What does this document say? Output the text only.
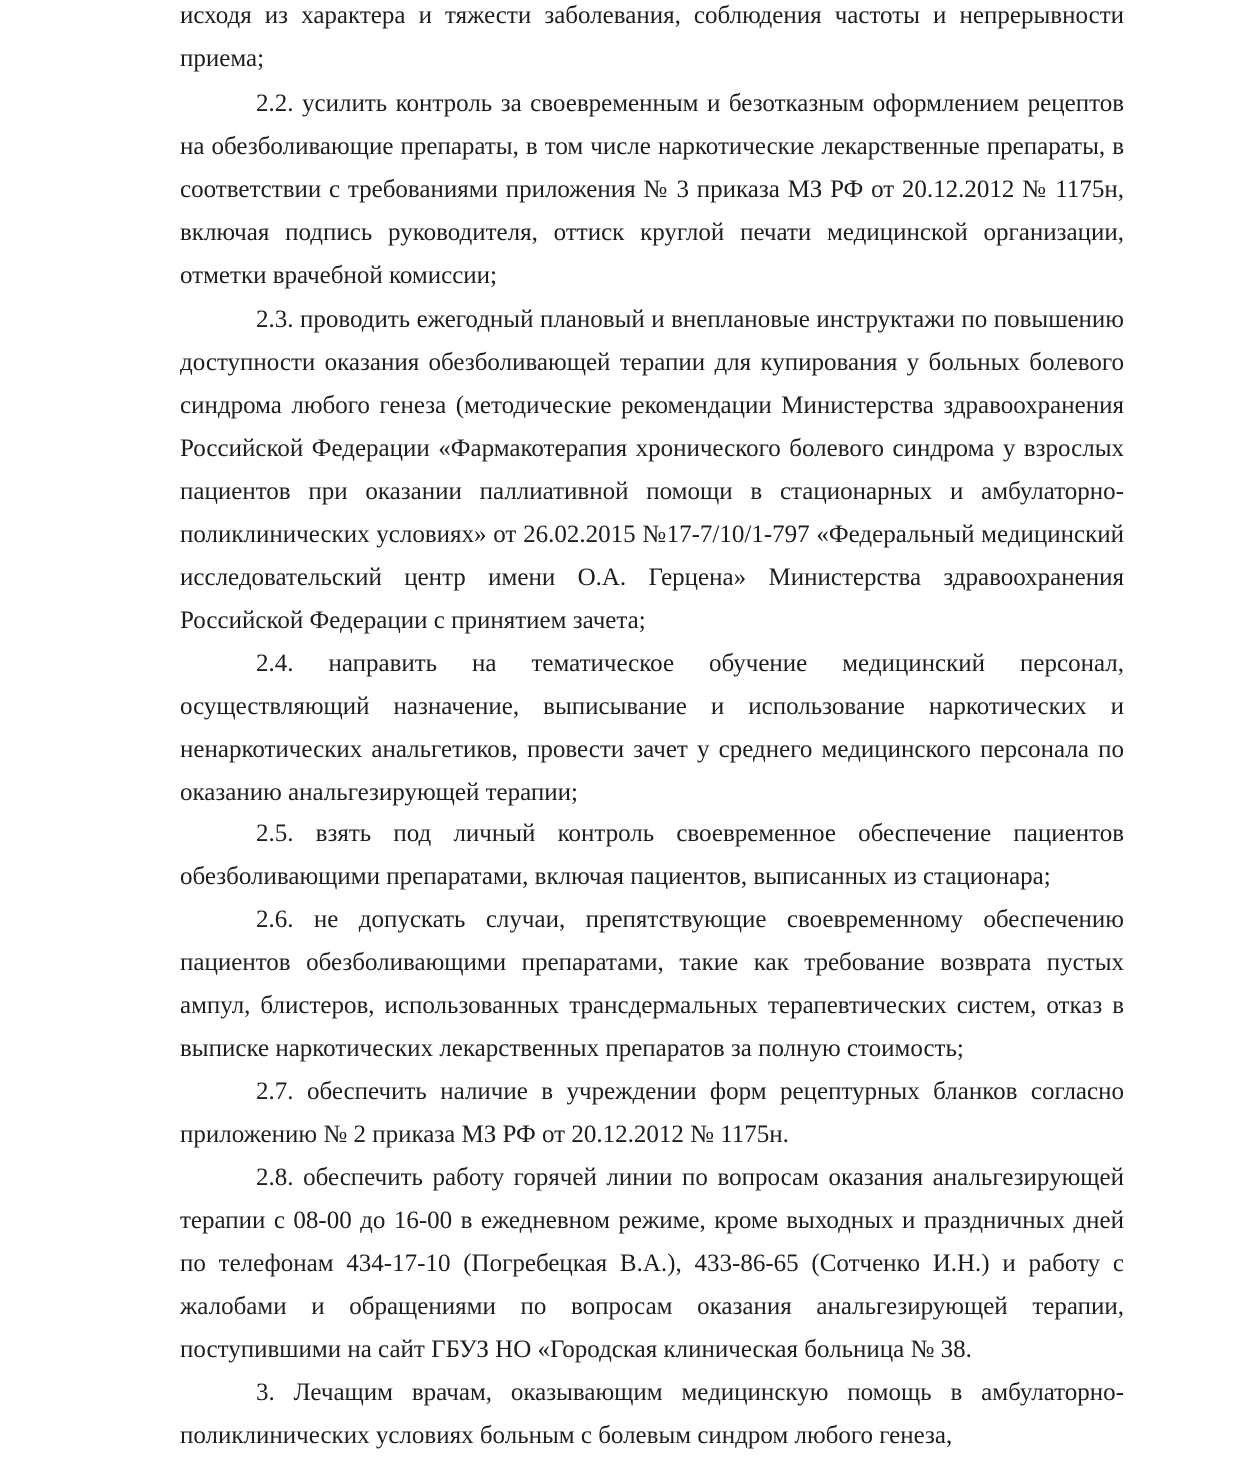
исходя из характера и тяжести заболевания, соблюдения частоты и непрерывности приема;

2.2. усилить контроль за своевременным и безотказным оформлением рецептов на обезболивающие препараты, в том числе наркотические лекарственные препараты, в соответствии с требованиями приложения № 3 приказа МЗ РФ от 20.12.2012 № 1175н, включая подпись руководителя, оттиск круглой печати медицинской организации, отметки врачебной комиссии;

2.3. проводить ежегодный плановый и внеплановые инструктажи по повышению доступности оказания обезболивающей терапии для купирования у больных болевого синдрома любого генеза (методические рекомендации Министерства здравоохранения Российской Федерации «Фармакотерапия хронического болевого синдрома у взрослых пациентов при оказании паллиативной помощи в стационарных и амбулаторно-поликлинических условиях» от 26.02.2015 №17-7/10/1-797 «Федеральный медицинский исследовательский центр имени О.А. Герцена» Министерства здравоохранения Российской Федерации с принятием зачета;

2.4. направить на тематическое обучение медицинский персонал, осуществляющий назначение, выписывание и использование наркотических и ненаркотических анальгетиков, провести зачет у среднего медицинского персонала по оказанию анальгезирующей терапии;

2.5. взять под личный контроль своевременное обеспечение пациентов обезболивающими препаратами, включая пациентов, выписанных из стационара;

2.6. не допускать случаи, препятствующие своевременному обеспечению пациентов обезболивающими препаратами, такие как требование возврата пустых ампул, блистеров, использованных трансдермальных терапевтических систем, отказ в выписке наркотических лекарственных препаратов за полную стоимость;

2.7. обеспечить наличие в учреждении форм рецептурных бланков согласно приложению № 2 приказа МЗ РФ от 20.12.2012 № 1175н.

2.8. обеспечить работу горячей линии по вопросам оказания анальгезирующей терапии с 08-00 до 16-00 в ежедневном режиме, кроме выходных и праздничных дней по телефонам 434-17-10 (Погребецкая В.А.), 433-86-65 (Сотченко И.Н.) и работу с жалобами и обращениями по вопросам оказания анальгезирующей терапии, поступившими на сайт ГБУЗ НО «Городская клиническая больница № 38.

3. Лечащим врачам, оказывающим медицинскую помощь в амбулаторно-поликлинических условиях больным с болевым синдром любого генеза,
